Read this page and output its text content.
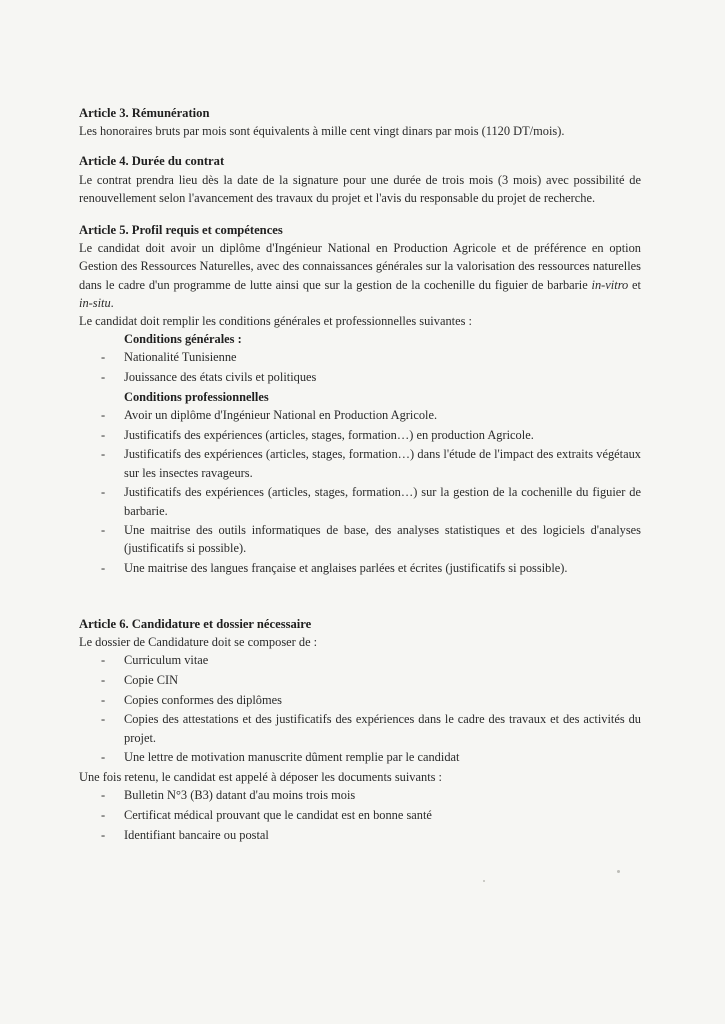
Article 3. Rémunération

Les honoraires bruts par mois sont équivalents à mille cent vingt dinars par mois (1120 DT/mois).

Article 4. Durée du contrat

Le contrat prendra lieu dès la date de la signature pour une durée de trois mois (3 mois) avec possibilité de renouvellement selon l'avancement des travaux du projet et l'avis du responsable du projet de recherche.

Article 5. Profil requis et compétences

Le candidat doit avoir un diplôme d'Ingénieur National en Production Agricole et de préférence en option Gestion des Ressources Naturelles, avec des connaissances générales sur la valorisation des ressources naturelles dans le cadre d'un programme de lutte ainsi que sur la gestion de la cochenille du figuier de barbarie in-vitro et in-situ.

Le candidat doit remplir les conditions générales et professionnelles suivantes :

Conditions générales :

- Nationalité Tunisienne
- Jouissance des états civils et politiques

Conditions professionnelles

- Avoir un diplôme d'Ingénieur National en Production Agricole.
- Justificatifs des expériences (articles, stages, formation…) en production Agricole.
- Justificatifs des expériences (articles, stages, formation…) dans l'étude de l'impact des extraits végétaux sur les insectes ravageurs.
- Justificatifs des expériences (articles, stages, formation…) sur la gestion de la cochenille du figuier de barbarie.
- Une maitrise des outils informatiques de base, des analyses statistiques et des logiciels d'analyses (justificatifs si possible).
- Une maitrise des langues française et anglaises parlées et écrites (justificatifs si possible).

Article 6. Candidature et dossier nécessaire

Le dossier de Candidature doit se composer de :

- Curriculum vitae
- Copie CIN
- Copies conformes des diplômes
- Copies des attestations et des justificatifs des expériences dans le cadre des travaux et des activités du projet.
- Une lettre de motivation manuscrite dûment remplie par le candidat

Une fois retenu, le candidat est appelé à déposer les documents suivants :

- Bulletin N°3 (B3) datant d'au moins trois mois
- Certificat médical prouvant que le candidat est en bonne santé
- Identifiant bancaire ou postal
